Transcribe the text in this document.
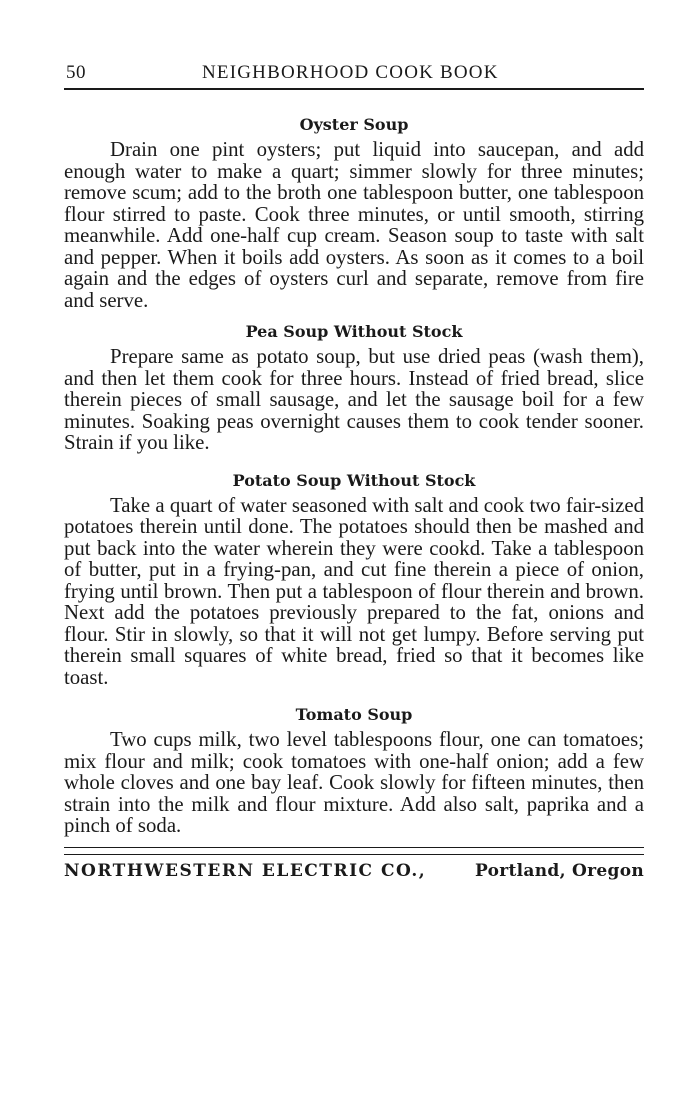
50	NEIGHBORHOOD COOK BOOK
Oyster Soup

Drain one pint oysters; put liquid into saucepan, and add enough water to make a quart; simmer slowly for three minutes; remove scum; add to the broth one tablespoon butter, one tablespoon flour stirred to paste. Cook three minutes, or until smooth, stirring meanwhile. Add one-half cup cream. Season soup to taste with salt and pepper. When it boils add oysters. As soon as it comes to a boil again and the edges of oysters curl and separate, remove from fire and serve.

Pea Soup Without Stock

Prepare same as potato soup, but use dried peas (wash them), and then let them cook for three hours. Instead of fried bread, slice therein pieces of small sausage, and let the sausage boil for a few minutes. Soaking peas overnight causes them to cook tender sooner. Strain if you like.

Potato Soup Without Stock

Take a quart of water seasoned with salt and cook two fair-sized potatoes therein until done. The potatoes should then be mashed and put back into the water wherein they were cookd. Take a tablespoon of butter, put in a frying-pan, and cut fine therein a piece of onion, frying until brown. Then put a tablespoon of flour therein and brown. Next add the potatoes previously prepared to the fat, onions and flour. Stir in slowly, so that it will not get lumpy. Before serving put therein small squares of white bread, fried so that it becomes like toast.

Tomato Soup

Two cups milk, two level tablespoons flour, one can tomatoes; mix flour and milk; cook tomatoes with one-half onion; add a few whole cloves and one bay leaf. Cook slowly for fifteen minutes, then strain into the milk and flour mixture. Add also salt, paprika and a pinch of soda.

NORTHWESTERN ELECTRIC CO.,	Portland, Oregon
